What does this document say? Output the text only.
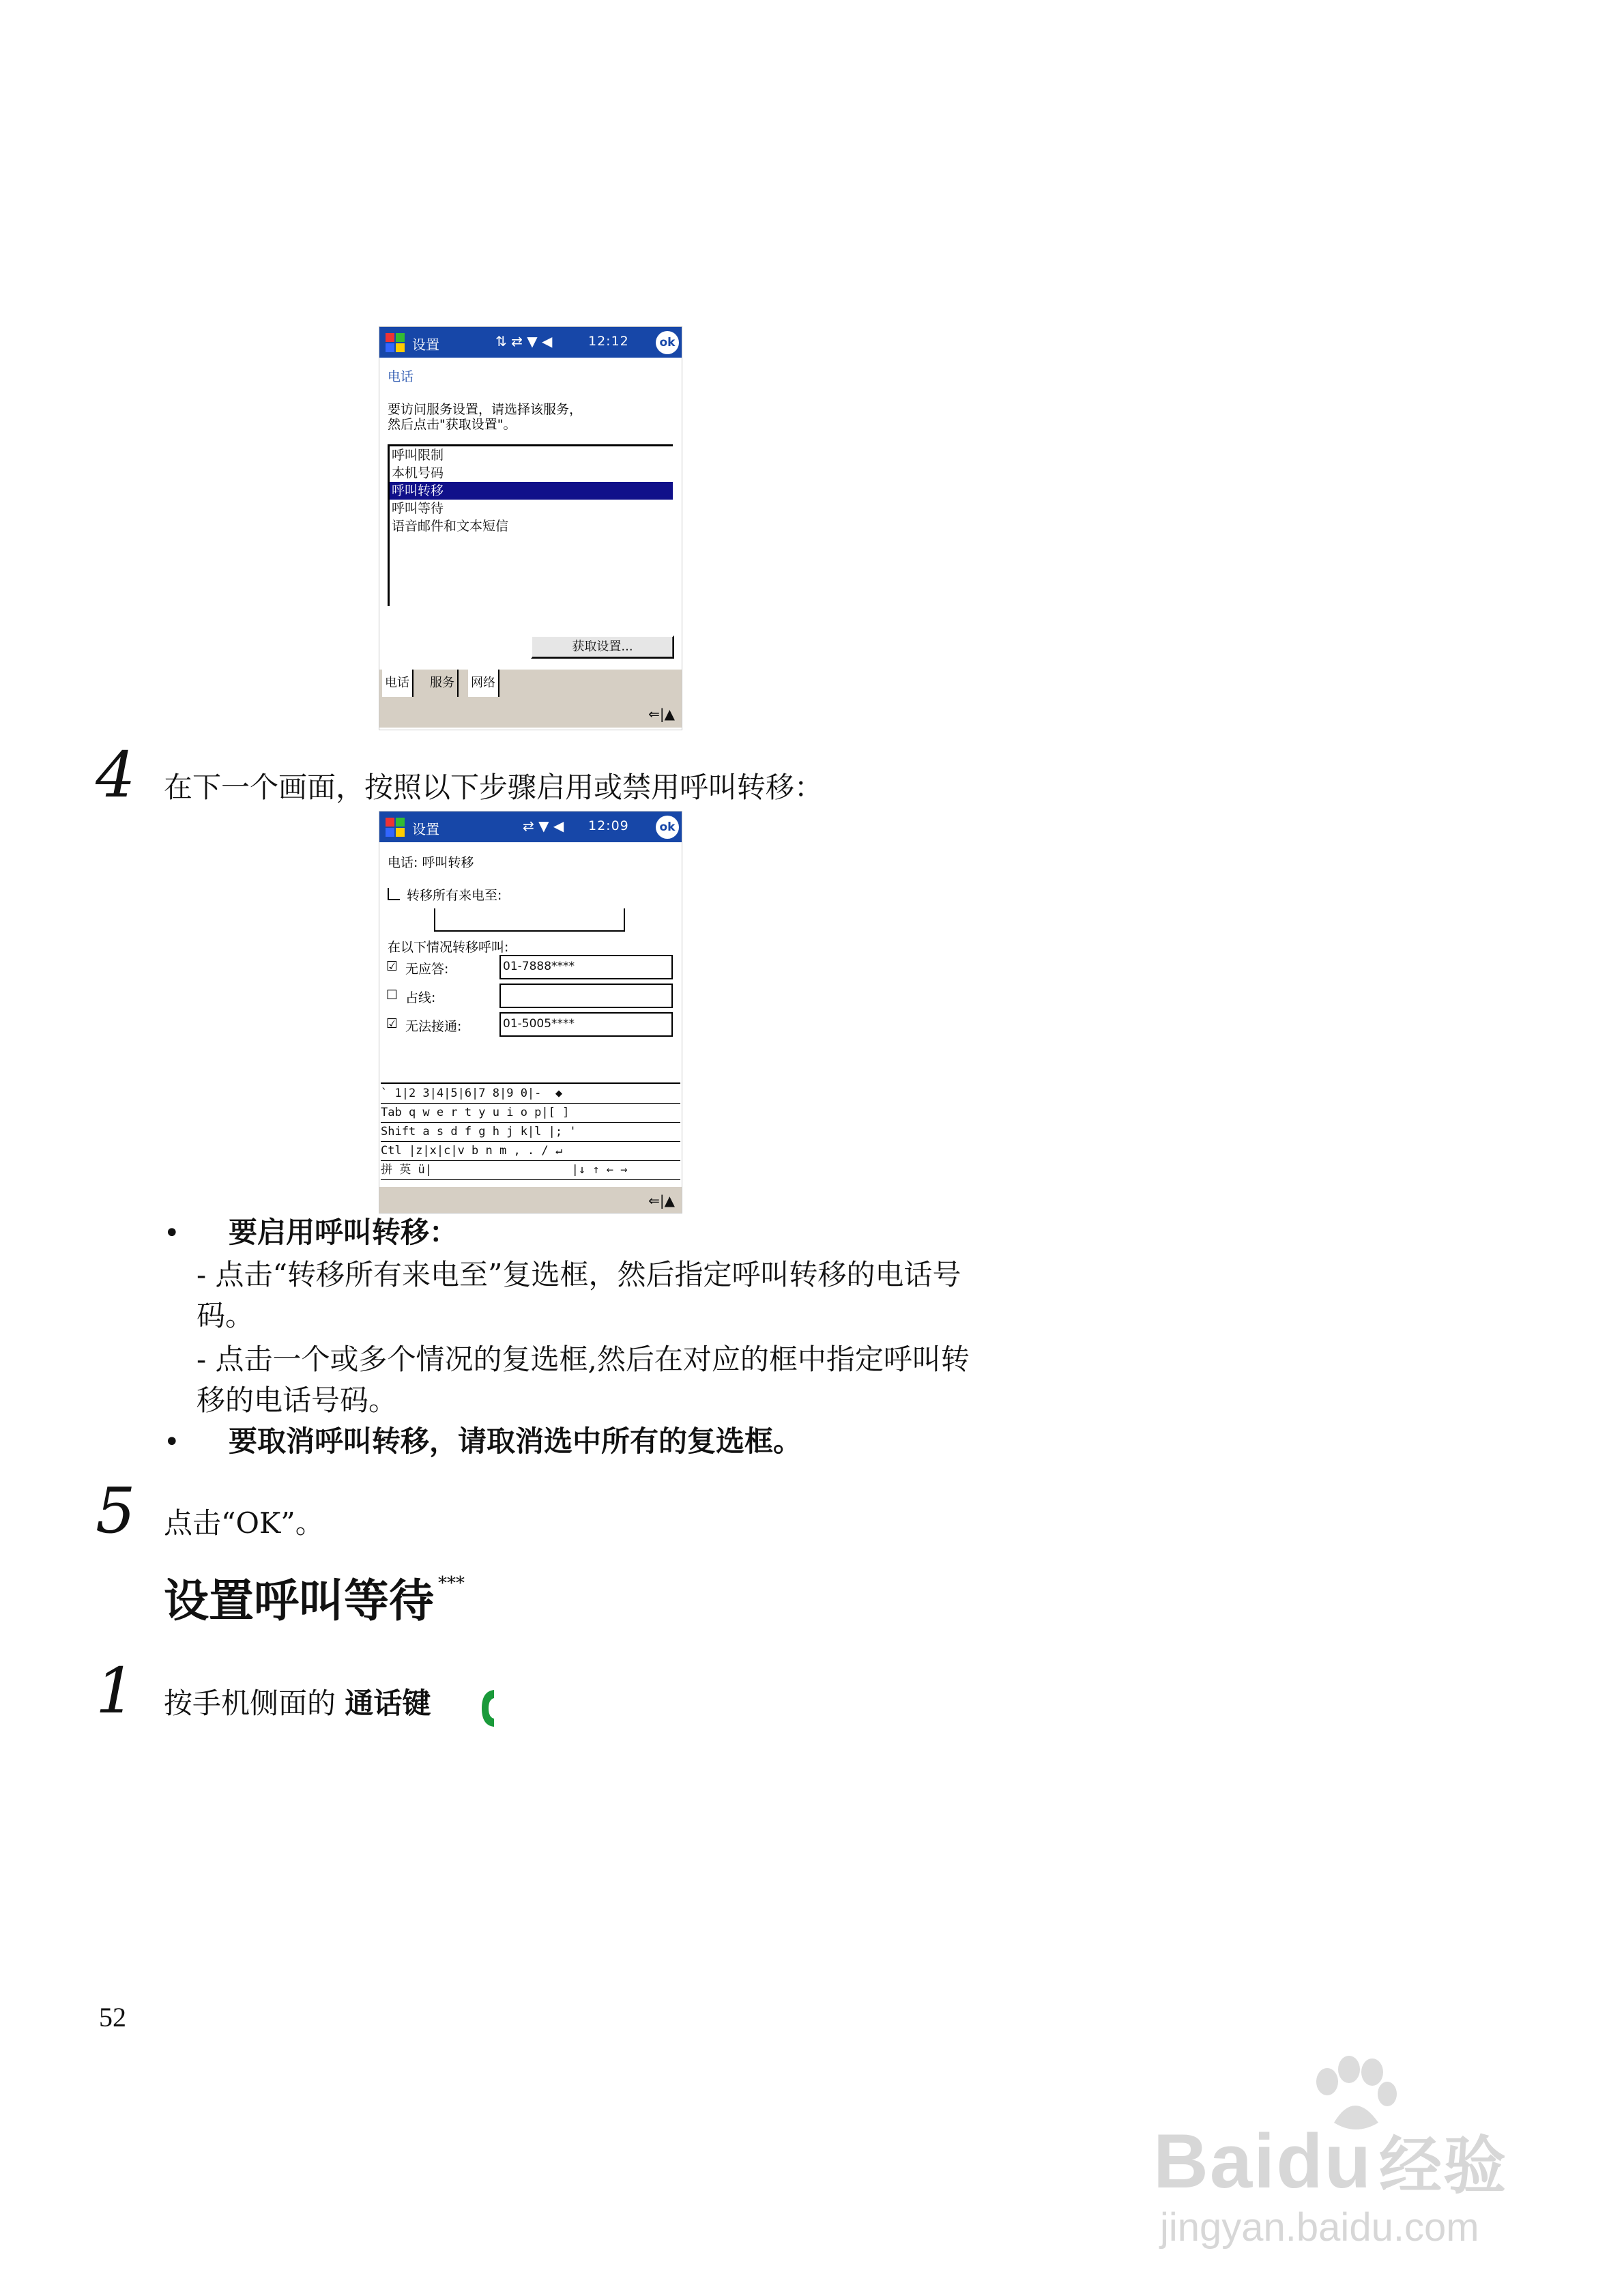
设置	⇅ ⇄ ▼ ◀	12:12	ok
电话
要访问服务设置，请选择该服务，
然后点击"获取设置"。
呼叫限制
本机号码
呼叫转移
呼叫等待
语音邮件和文本短信
获取设置...
电话	服务	网络
⇐|▲
4 在下一个画面，按照以下步骤启用或禁用呼叫转移：
设置	⇄ ▼ ◀ 12:09	ok
电话: 呼叫转移
转移所有来电至:
在以下情况转移呼叫:
☑ 无应答:	01-7888****
☐ 占线:
☑ 无法接通:	01-5005****
` 1|2 3|4|5|6|7 8|9 0|-  ◆
Tab q w e r t y u i o p|[ ]
Shift a s d f g h j k|l |; '
Ctl |z|x|c|v b n m , . / ↵
拼 英 ü|                    |↓ ↑ ← →
⇐|▲
• 要启用呼叫转移：
- 点击“转移所有来电至”复选框，然后指定呼叫转移的电话号
码。
- 点击一个或多个情况的复选框,然后在对应的框中指定呼叫转
移的电话号码。
• 要取消呼叫转移，请取消选中所有的复选框。
5 点击“OK”。
设置呼叫等待 ***
1 按手机侧面的 通话键
52
Baidu 经验
jingyan.baidu.com
